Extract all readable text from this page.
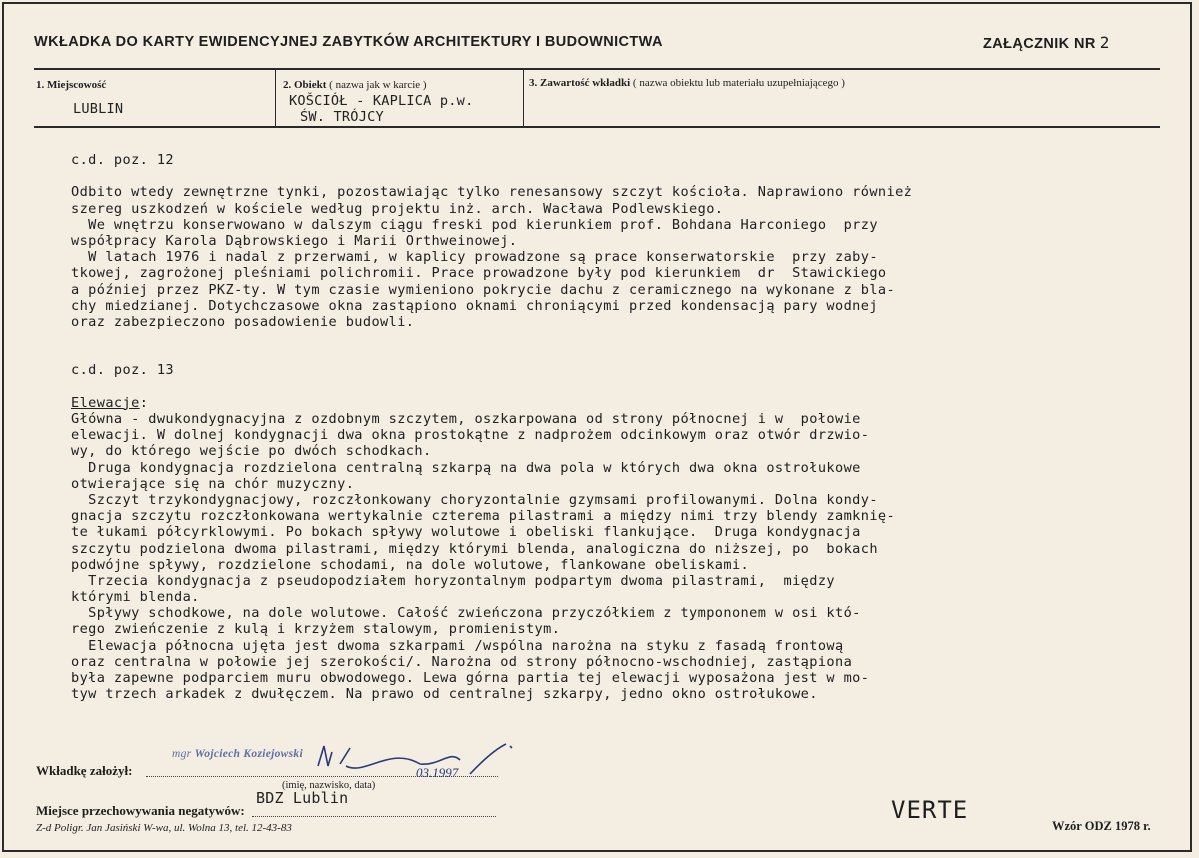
WKŁADKA DO KARTY EWIDENCYJNEJ ZABYTKÓW ARCHITEKTURY I BUDOWNICTWA	ZAŁĄCZNIK NR 2
1. Miejscowość
LUBLIN
2. Obiekt ( nazwa jak w karcie )
KOŠCIÓŁ - KAPLICA p.w.
ŚW. TRÓJCY
3. Zawartość wkładki ( nazwa obiektu lub materiału uzupełniającego )
c.d. poz. 12
Odbito wtedy zewnętrzne tynki, pozostawiając tylko renesansowy szczyt kościoła. Naprawiono również
szereg uszkodzeń w kościele według projektu inż. arch. Wacława Podlewskiego.
We wnętrzu konserwowano w dalszym ciągu freski pod kierunkiem prof. Bohdana Harconiego  przy
współpracy Karola Dąbrowskiego i Marii Orthweinowej.
W latach 1976 i nadal z przerwami, w kaplicy prowadzone są prace konserwatorskie  przy zaby-
tkowej, zagrożonej pleśniami polichromii. Prace prowadzone były pod kierunkiem  dr  Stawickiego
a później przez PKZ-ty. W tym czasie wymieniono pokrycie dachu z ceramicznego na wykonane z bla-
chy miedzianej. Dotychczasowe okna zastąpiono oknami chroniącymi przed kondensacją pary wodnej
oraz zabezpieczono posadowienie budowli.
c.d. poz. 13
Elewacje:
Główna - dwukondygnacyjna z ozdobnym szczytem, oszkarpowana od strony północnej i w  połowie
elewacji. W dolnej kondygnacji dwa okna prostokątne z nadprożem odcinkowym oraz otwór drzwio-
wy, do którego wejście po dwóch schodkach.
Druga kondygnacja rozdzielona centralną szkarpą na dwa pola w których dwa okna ostrołukowe
otwierające się na chór muzyczny.
Szczyt trzykondygnacjowy, rozczłonkowany choryzontalnie gzymsami profilowanymi. Dolna kondy-
gnacja szczytu rozczłonkowana wertykalnie czterema pilastrami a między nimi trzy blendy zamknię-
te łukami półcyrklowymi. Po bokach spływy wolutowe i obeliski flankujące.  Druga kondygnacja
szczytu podzielona dwoma pilastrami, między którymi blenda, analogiczna do niższej, po  bokach
podwójne spływy, rozdzielone schodami, na dole wolutowe, flankowane obeliskami.
Trzecia kondygnacja z pseudopodziałem horyzontalnym podpartym dwoma pilastrami,  między
którymi blenda.
Spływy schodkowe, na dole wolutowe. Całość zwieńczona przyczółkiem z tympononem w osi któ-
rego zwieńczenie z kulą i krzyżem stalowym, promienistym.
Elewacja północna ujęta jest dwoma szkarpami /wspólna narożna na styku z fasadą frontową
oraz centralna w połowie jej szerokości/. Narożna od strony północno-wschodniej, zastąpiona
była zapewne podparciem muru obwodowego. Lewa górna partia tej elewacji wyposażona jest w mo-
tyw trzech arkadek z dwułęczem. Na prawo od centralnej szkarpy, jedno okno ostrołukowe.
Wkładkę założył:
mgr Wojciech Koziejowski
03.1997
(imię, nazwisko, data)
Miejsce przechowywania negatywów:
BDZ Lublin	VERTE
Z-d Poligr. Jan Jasiński W-wa, ul. Wolna 13, tel. 12-43-83	Wzór ODZ 1978 r.
